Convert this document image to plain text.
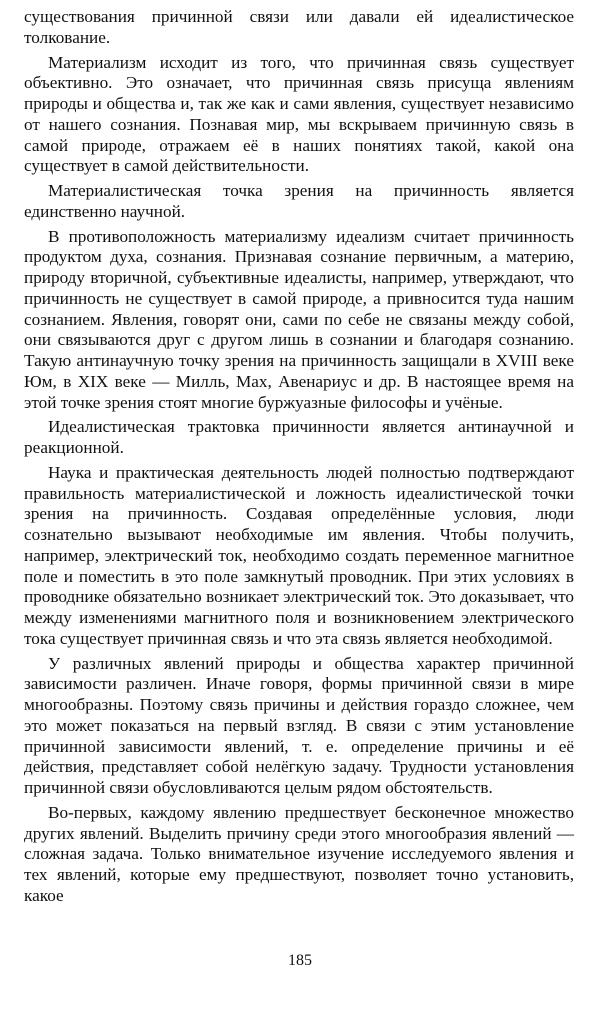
существования причинной связи или давали ей идеалистическое толкование.

Материализм исходит из того, что причинная связь существует объективно. Это означает, что причинная связь присуща явлениям природы и общества и, так же как и сами явления, существует независимо от нашего сознания. Познавая мир, мы вскрываем причинную связь в самой природе, отражаем её в наших понятиях такой, какой она существует в самой действительности.

Материалистическая точка зрения на причинность является единственно научной.

В противоположность материализму идеализм считает причинность продуктом духа, сознания. Признавая сознание первичным, а материю, природу вторичной, субъективные идеалисты, например, утверждают, что причинность не существует в самой природе, а привносится туда нашим сознанием. Явления, говорят они, сами по себе не связаны между собой, они связываются друг с другом лишь в сознании и благодаря сознанию. Такую антинаучную точку зрения на причинность защищали в XVIII веке Юм, в XIX веке — Милль, Мах, Авенариус и др. В настоящее время на этой точке зрения стоят многие буржуазные философы и учёные.

Идеалистическая трактовка причинности является антинаучной и реакционной.

Наука и практическая деятельность людей полностью подтверждают правильность материалистической и ложность идеалистической точки зрения на причинность. Создавая определённые условия, люди сознательно вызывают необходимые им явления. Чтобы получить, например, электрический ток, необходимо создать переменное магнитное поле и поместить в это поле замкнутый проводник. При этих условиях в проводнике обязательно возникает электрический ток. Это доказывает, что между изменениями магнитного поля и возникновением электрического тока существует причинная связь и что эта связь является необходимой.

У различных явлений природы и общества характер причинной зависимости различен. Иначе говоря, формы причинной связи в мире многообразны. Поэтому связь причины и действия гораздо сложнее, чем это может показаться на первый взгляд. В связи с этим установление причинной зависимости явлений, т. е. определение причины и её действия, представляет собой нелёгкую задачу. Трудности установления причинной связи обусловливаются целым рядом обстоятельств.

Во-первых, каждому явлению предшествует бесконечное множество других явлений. Выделить причину среди этого многообразия явлений — сложная задача. Только внимательное изучение исследуемого явления и тех явлений, которые ему предшествуют, позволяет точно установить, какое

185
